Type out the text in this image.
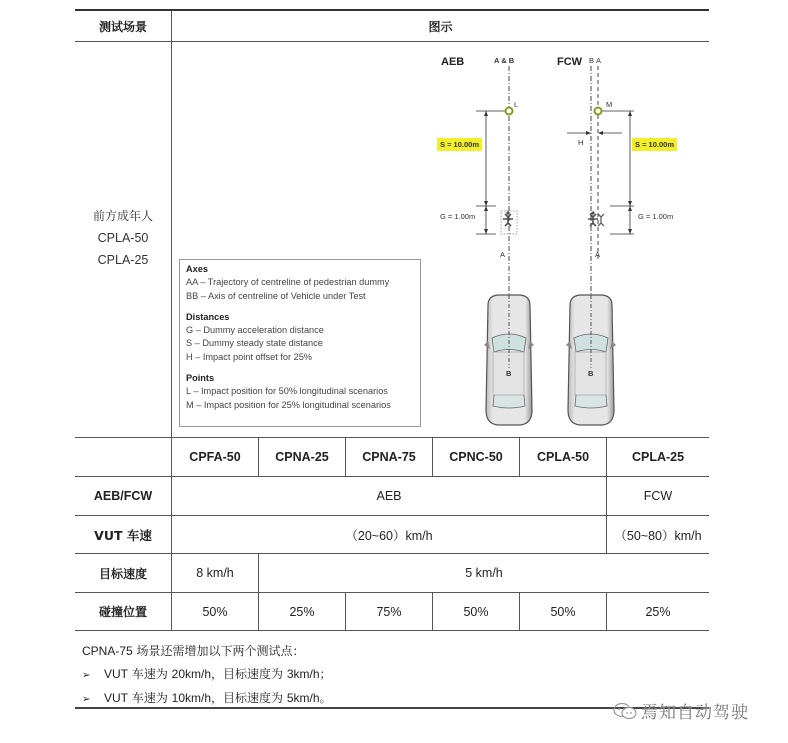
测试场景	图示
前方成年人
CPLA-50
CPLA-25
AEB	A & B
L
S = 10.00m
G = 1.00m
A
B
FCW B A
M
H	S = 10.00m
G = 1.00m
A
B
Axes
AA – Trajectory of centreline of pedestrian dummy
BB – Axis of centreline of Vehicle under Test
Distances
G – Dummy acceleration distance
S – Dummy steady state distance
H – Impact point offset for 25%
Points
L – Impact position for 50% longitudinal scenarios
M – Impact position for 25% longitudinal scenarios
CPFA-50	CPNA-25	CPNA-75	CPNC-50	CPLA-50	CPLA-25
AEB/FCW	AEB	FCW
VUT 车速	（20~60）km/h	（50~80）km/h
目标速度	8 km/h	5 km/h
碰撞位置	50%	25%	75%	50%	50%	25%
CPNA-75 场景还需增加以下两个测试点：
➢ VUT 车速为 20km/h，目标速度为 3km/h；
➢ VUT 车速为 10km/h，目标速度为 5km/h。
焉知自动驾驶
